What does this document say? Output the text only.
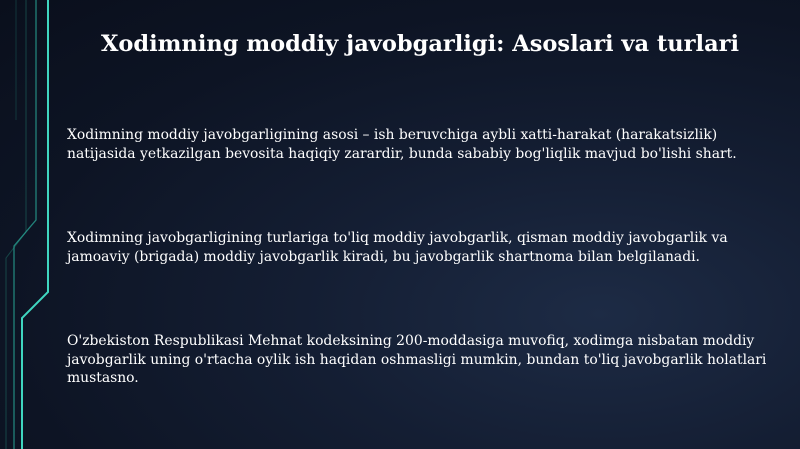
Xodimning moddiy javobgarligi: Asoslari va turlari
Xodimning moddiy javobgarligining asosi – ish beruvchiga aybli xatti-harakat (harakatsizlik) natijasida yetkazilgan bevosita haqiqiy zarardir, bunda sababiy bog'liqlik mavjud bo'lishi shart.
Xodimning javobgarligining turlariga to'liq moddiy javobgarlik, qisman moddiy javobgarlik va jamoaviy (brigada) moddiy javobgarlik kiradi, bu javobgarlik shartnoma bilan belgilanadi.
O'zbekiston Respublikasi Mehnat kodeksining 200-moddasiga muvofiq, xodimga nisbatan moddiy javobgarlik uning o'rtacha oylik ish haqidan oshmasligi mumkin, bundan to'liq javobgarlik holatlari mustasno.
